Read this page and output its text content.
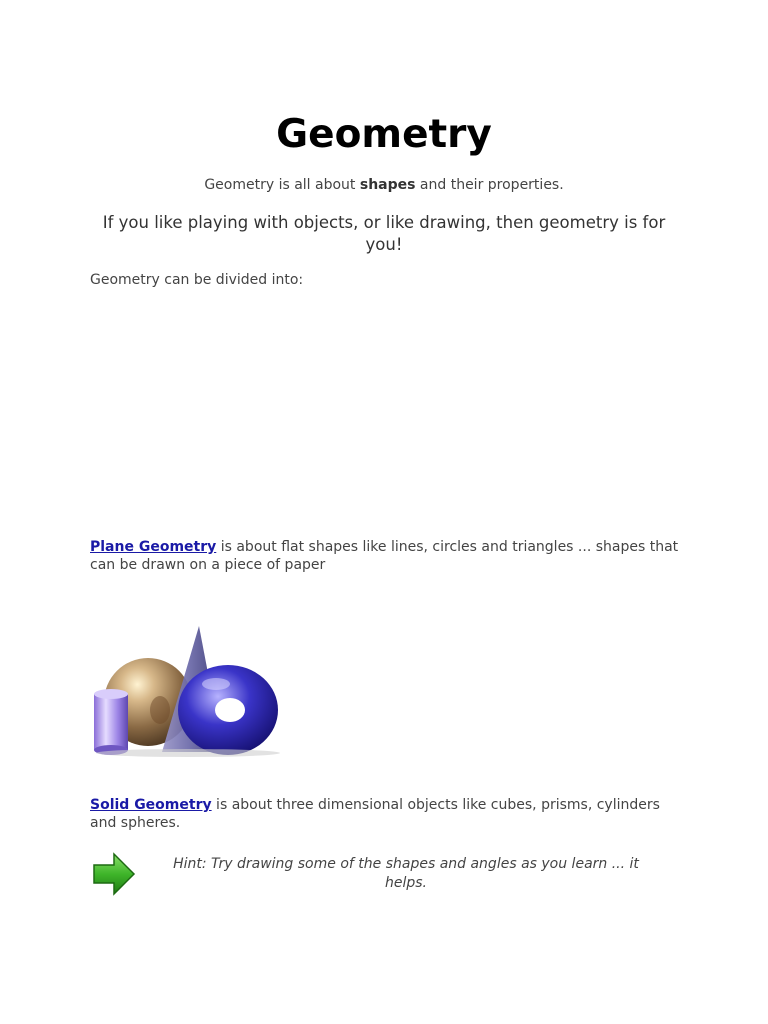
Geometry
Geometry is all about shapes and their properties.
If you like playing with objects, or like drawing, then geometry is for you!
Geometry can be divided into:
Plane Geometry is about flat shapes like lines, circles and triangles ... shapes that can be drawn on a piece of paper
Solid Geometry is about three dimensional objects like cubes, prisms, cylinders and spheres.
Hint: Try drawing some of the shapes and angles as you learn ... it helps.
